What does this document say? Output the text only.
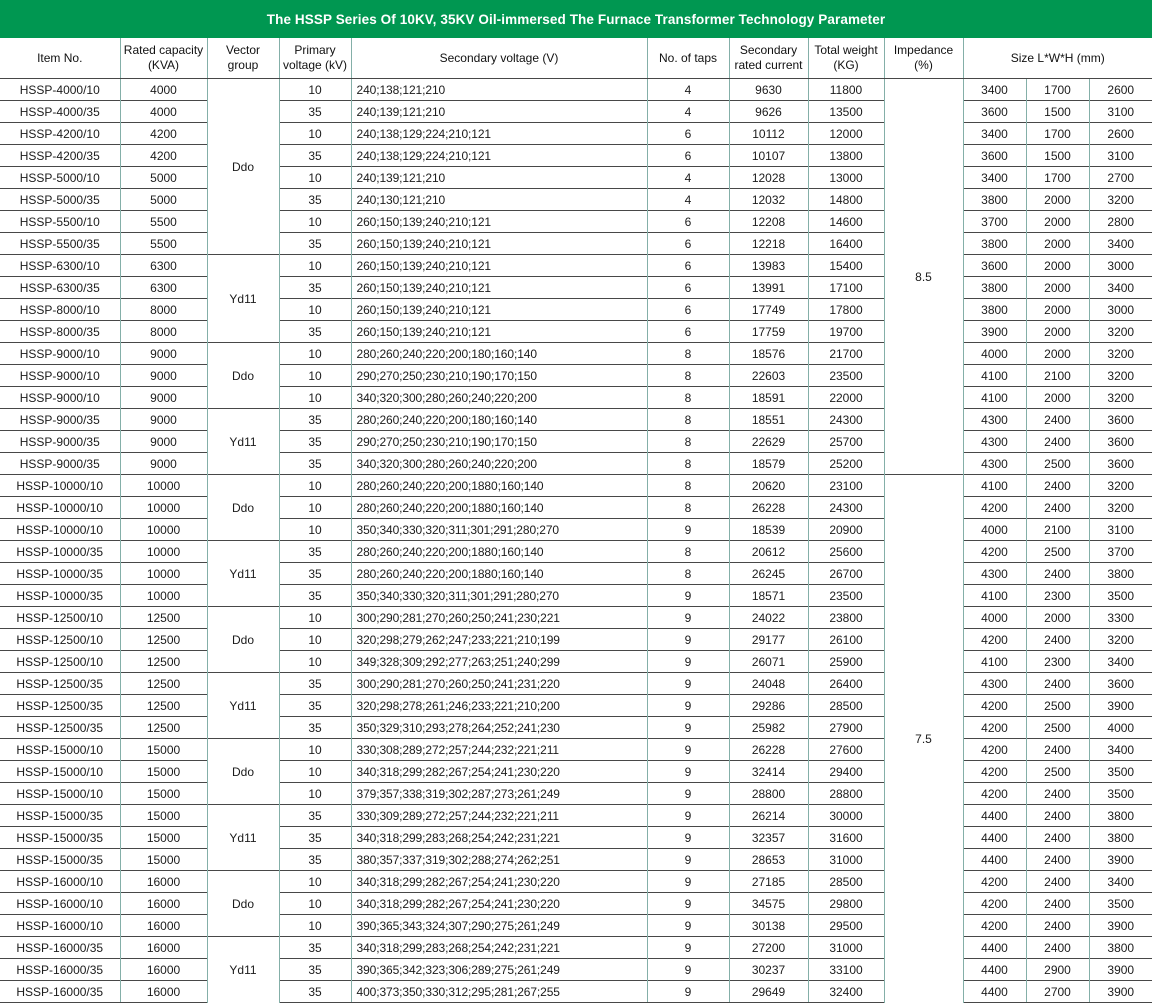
The HSSP Series Of 10KV, 35KV Oil-immersed The Furnace Transformer Technology Parameter
Item No.	Rated capacity (KVA)	Vector group	Primary voltage (kV)	Secondary voltage (V)	No. of taps	Secondary rated current	Total weight (KG)	Impedance (%)	Size L*W*H (mm)		
HSSP-4000/10	4000	Ddo	10	240;138;121;210	4	9630	11800	8.5	3400	1700	2600
HSSP-4000/35	4000		35	240;139;121;210	4	9626	13500		3600	1500	3100
HSSP-4200/10	4200		10	240;138;129;224;210;121	6	10112	12000		3400	1700	2600
HSSP-4200/35	4200		35	240;138;129;224;210;121	6	10107	13800		3600	1500	3100
HSSP-5000/10	5000		10	240;139;121;210	4	12028	13000		3400	1700	2700
HSSP-5000/35	5000		35	240;130;121;210	4	12032	14800		3800	2000	3200
HSSP-5500/10	5500		10	260;150;139;240;210;121	6	12208	14600		3700	2000	2800
HSSP-5500/35	5500		35	260;150;139;240;210;121	6	12218	16400		3800	2000	3400
HSSP-6300/10	6300	Yd11	10	260;150;139;240;210;121	6	13983	15400		3600	2000	3000
HSSP-6300/35	6300		35	260;150;139;240;210;121	6	13991	17100		3800	2000	3400
HSSP-8000/10	8000		10	260;150;139;240;210;121	6	17749	17800		3800	2000	3000
HSSP-8000/35	8000		35	260;150;139;240;210;121	6	17759	19700		3900	2000	3200
HSSP-9000/10	9000	Ddo	10	280;260;240;220;200;180;160;140	8	18576	21700		4000	2000	3200
HSSP-9000/10	9000		10	290;270;250;230;210;190;170;150	8	22603	23500		4100	2100	3200
HSSP-9000/10	9000		10	340;320;300;280;260;240;220;200	8	18591	22000		4100	2000	3200
HSSP-9000/35	9000	Yd11	35	280;260;240;220;200;180;160;140	8	18551	24300		4300	2400	3600
HSSP-9000/35	9000		35	290;270;250;230;210;190;170;150	8	22629	25700		4300	2400	3600
HSSP-9000/35	9000		35	340;320;300;280;260;240;220;200	8	18579	25200		4300	2500	3600
HSSP-10000/10	10000	Ddo	10	280;260;240;220;200;1880;160;140	8	20620	23100	7.5	4100	2400	3200
HSSP-10000/10	10000		10	280;260;240;220;200;1880;160;140	8	26228	24300		4200	2400	3200
HSSP-10000/10	10000		10	350;340;330;320;311;301;291;280;270	9	18539	20900		4000	2100	3100
HSSP-10000/35	10000	Yd11	35	280;260;240;220;200;1880;160;140	8	20612	25600		4200	2500	3700
HSSP-10000/35	10000		35	280;260;240;220;200;1880;160;140	8	26245	26700		4300	2400	3800
HSSP-10000/35	10000		35	350;340;330;320;311;301;291;280;270	9	18571	23500		4100	2300	3500
HSSP-12500/10	12500	Ddo	10	300;290;281;270;260;250;241;230;221	9	24022	23800		4000	2000	3300
HSSP-12500/10	12500		10	320;298;279;262;247;233;221;210;199	9	29177	26100		4200	2400	3200
HSSP-12500/10	12500		10	349;328;309;292;277;263;251;240;299	9	26071	25900		4100	2300	3400
HSSP-12500/35	12500	Yd11	35	300;290;281;270;260;250;241;231;220	9	24048	26400		4300	2400	3600
HSSP-12500/35	12500		35	320;298;278;261;246;233;221;210;200	9	29286	28500		4200	2500	3900
HSSP-12500/35	12500		35	350;329;310;293;278;264;252;241;230	9	25982	27900		4200	2500	4000
HSSP-15000/10	15000	Ddo	10	330;308;289;272;257;244;232;221;211	9	26228	27600		4200	2400	3400
HSSP-15000/10	15000		10	340;318;299;282;267;254;241;230;220	9	32414	29400		4200	2500	3500
HSSP-15000/10	15000		10	379;357;338;319;302;287;273;261;249	9	28800	28800		4200	2400	3500
HSSP-15000/35	15000	Yd11	35	330;309;289;272;257;244;232;221;211	9	26214	30000		4400	2400	3800
HSSP-15000/35	15000		35	340;318;299;283;268;254;242;231;221	9	32357	31600		4400	2400	3800
HSSP-15000/35	15000		35	380;357;337;319;302;288;274;262;251	9	28653	31000		4400	2400	3900
HSSP-16000/10	16000	Ddo	10	340;318;299;282;267;254;241;230;220	9	27185	28500		4200	2400	3400
HSSP-16000/10	16000		10	340;318;299;282;267;254;241;230;220	9	34575	29800		4200	2400	3500
HSSP-16000/10	16000		10	390;365;343;324;307;290;275;261;249	9	30138	29500		4200	2400	3900
HSSP-16000/35	16000	Yd11	35	340;318;299;283;268;254;242;231;221	9	27200	31000		4400	2400	3800
HSSP-16000/35	16000		35	390;365;342;323;306;289;275;261;249	9	30237	33100		4400	2900	3900
HSSP-16000/35	16000		35	400;373;350;330;312;295;281;267;255	9	29649	32400		4400	2700	3900
